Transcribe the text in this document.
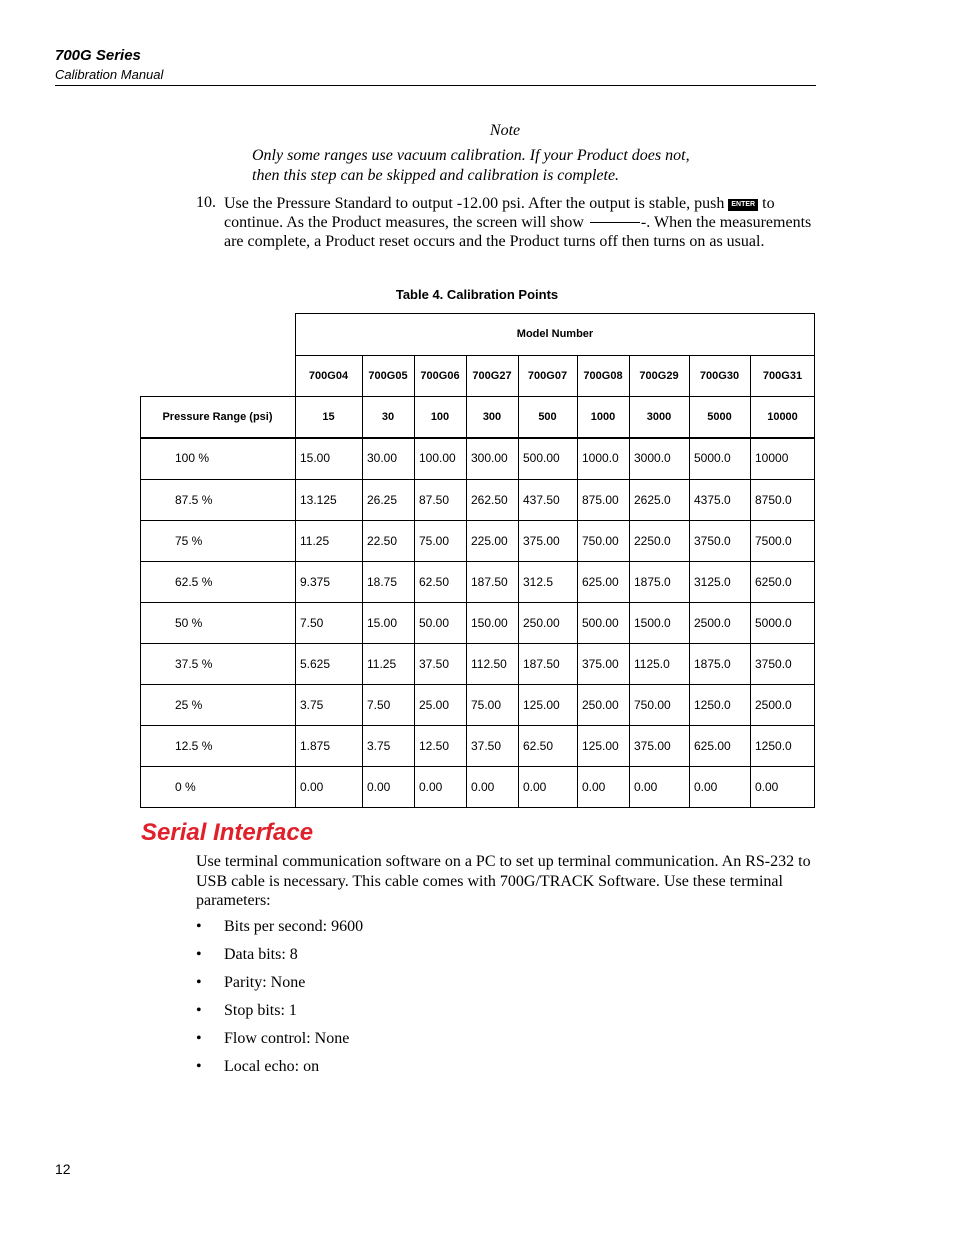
700G Series
Calibration Manual
Note
Only some ranges use vacuum calibration. If your Product does not,
then this step can be skipped and calibration is complete.
10. Use the Pressure Standard to output -12.00 psi. After the output is stable, push ENTER to continue. As the Product measures, the screen will show	-. When the measurements are complete, a Product reset occurs and the Product turns off then turns on as usual.
Table 4. Calibration Points
Model Number
700G04	700G05	700G06	700G27	700G07	700G08	700G29	700G30	700G31
Pressure Range (psi)	15	30	100	300	500	1000	3000	5000	10000
100 %	15.00	30.00	100.00	300.00	500.00	1000.0	3000.0	5000.0	10000
87.5 %	13.125	26.25	87.50	262.50	437.50	875.00	2625.0	4375.0	8750.0
75 %	11.25	22.50	75.00	225.00	375.00	750.00	2250.0	3750.0	7500.0
62.5 %	9.375	18.75	62.50	187.50	312.5	625.00	1875.0	3125.0	6250.0
50 %	7.50	15.00	50.00	150.00	250.00	500.00	1500.0	2500.0	5000.0
37.5 %	5.625	11.25	37.50	112.50	187.50	375.00	1125.0	1875.0	3750.0
25 %	3.75	7.50	25.00	75.00	125.00	250.00	750.00	1250.0	2500.0
12.5 %	1.875	3.75	12.50	37.50	62.50	125.00	375.00	625.00	1250.0
0 %	0.00	0.00	0.00	0.00	0.00	0.00	0.00	0.00	0.00
Serial Interface
Use terminal communication software on a PC to set up terminal communication. An RS-232 to USB cable is necessary. This cable comes with 700G/TRACK Software. Use these terminal parameters:
• Bits per second: 9600
• Data bits: 8
• Parity: None
• Stop bits: 1
• Flow control: None
• Local echo: on
12
